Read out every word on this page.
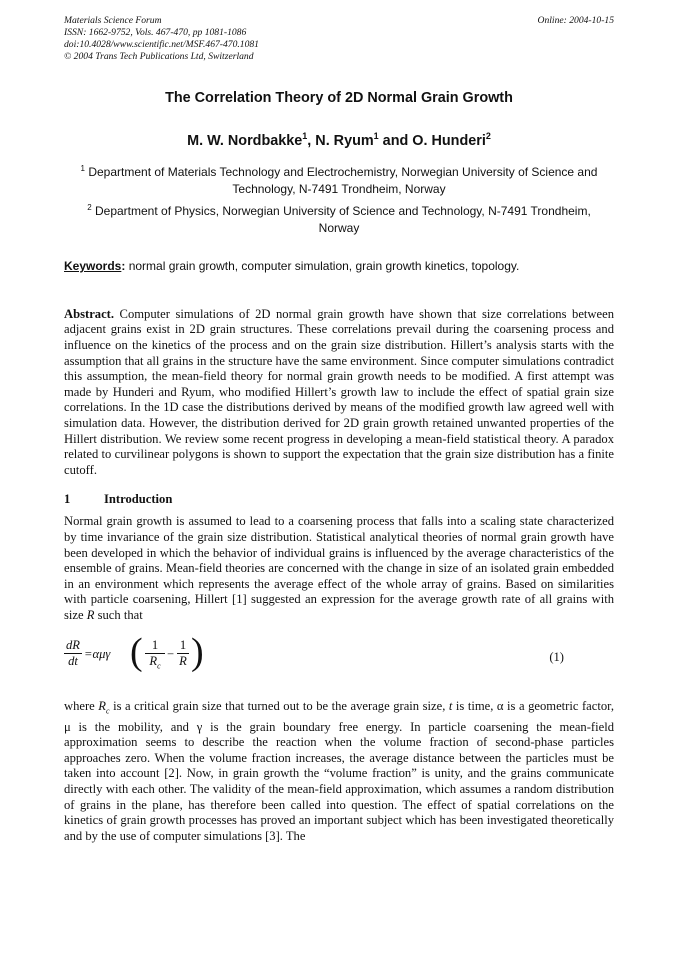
Materials Science Forum	Online: 2004-10-15

ISSN: 1662-9752, Vols. 467-470, pp 1081-1086

doi:10.4028/www.scientific.net/MSF.467-470.1081

© 2004 Trans Tech Publications Ltd, Switzerland

The Correlation Theory of 2D Normal Grain Growth
M. W. Nordbakke$^1$, N. Ryum$^1$ and O. Hunderi$^2$
$^1$ Department of Materials Technology and Electrochemistry, Norwegian University of Science and Technology, N-7491 Trondheim, Norway
$^2$ Department of Physics, Norwegian University of Science and Technology, N-7491 Trondheim, Norway
Keywords: normal grain growth, computer simulation, grain growth kinetics, topology.

Abstract. Computer simulations of 2D normal grain growth have shown that size correlations between adjacent grains exist in 2D grain structures. These correlations prevail during the coarsening process and influence on the kinetics of the process and on the grain size distribution. Hillert’s analysis starts with the assumption that all grains in the structure have the same environment. Since computer simulations contradict this assumption, the mean-field theory for normal grain growth needs to be modified. A first attempt was made by Hunderi and Ryum, who modified Hillert’s growth law to include the effect of spatial grain size correlations. In the 1D case the distributions derived by means of the modified growth law agreed well with simulation data. However, the distribution derived for 2D grain growth retained unwanted properties of the Hillert distribution. We review some recent progress in developing a mean-field statistical theory. A paradox related to curvilinear polygons is shown to support the expectation that the grain size distribution has a finite cutoff.

1	Introduction

Normal grain growth is assumed to lead to a coarsening process that falls into a scaling state characterized by time invariance of the grain size distribution. Statistical analytical theories of normal grain growth have been developed in which the behavior of individual grains is influenced by the average characteristics of the ensemble of grains. Mean-field theories are concerned with the change in size of an isolated grain embedded in an environment which represents the average effect of the whole array of grains. Based on similarities with particle coarsening, Hillert [1] suggested an expression for the average growth rate of all grains with size R such that

$\frac{dR}{dt} =\alpha\mu\gamma$ ( $\frac{1}{R_c} - \frac{1}{R}$ )	(1)

where $R_c$ is a critical grain size that turned out to be the average grain size, t is time, α is a geometric factor, μ is the mobility, and γ is the grain boundary free energy. In particle coarsening the mean-field approximation seems to describe the reaction when the volume fraction of second-phase particles approaches zero. When the volume fraction increases, the average distance between the particles must be taken into account [2]. Now, in grain growth the “volume fraction” is unity, and the grains communicate directly with each other. The validity of the mean-field approximation, which assumes a random distribution of grains in the plane, has therefore been called into question. The effect of spatial correlations on the kinetics of grain growth processes has proved an important subject which has been investigated theoretically and by the use of computer simulations [3]. The
